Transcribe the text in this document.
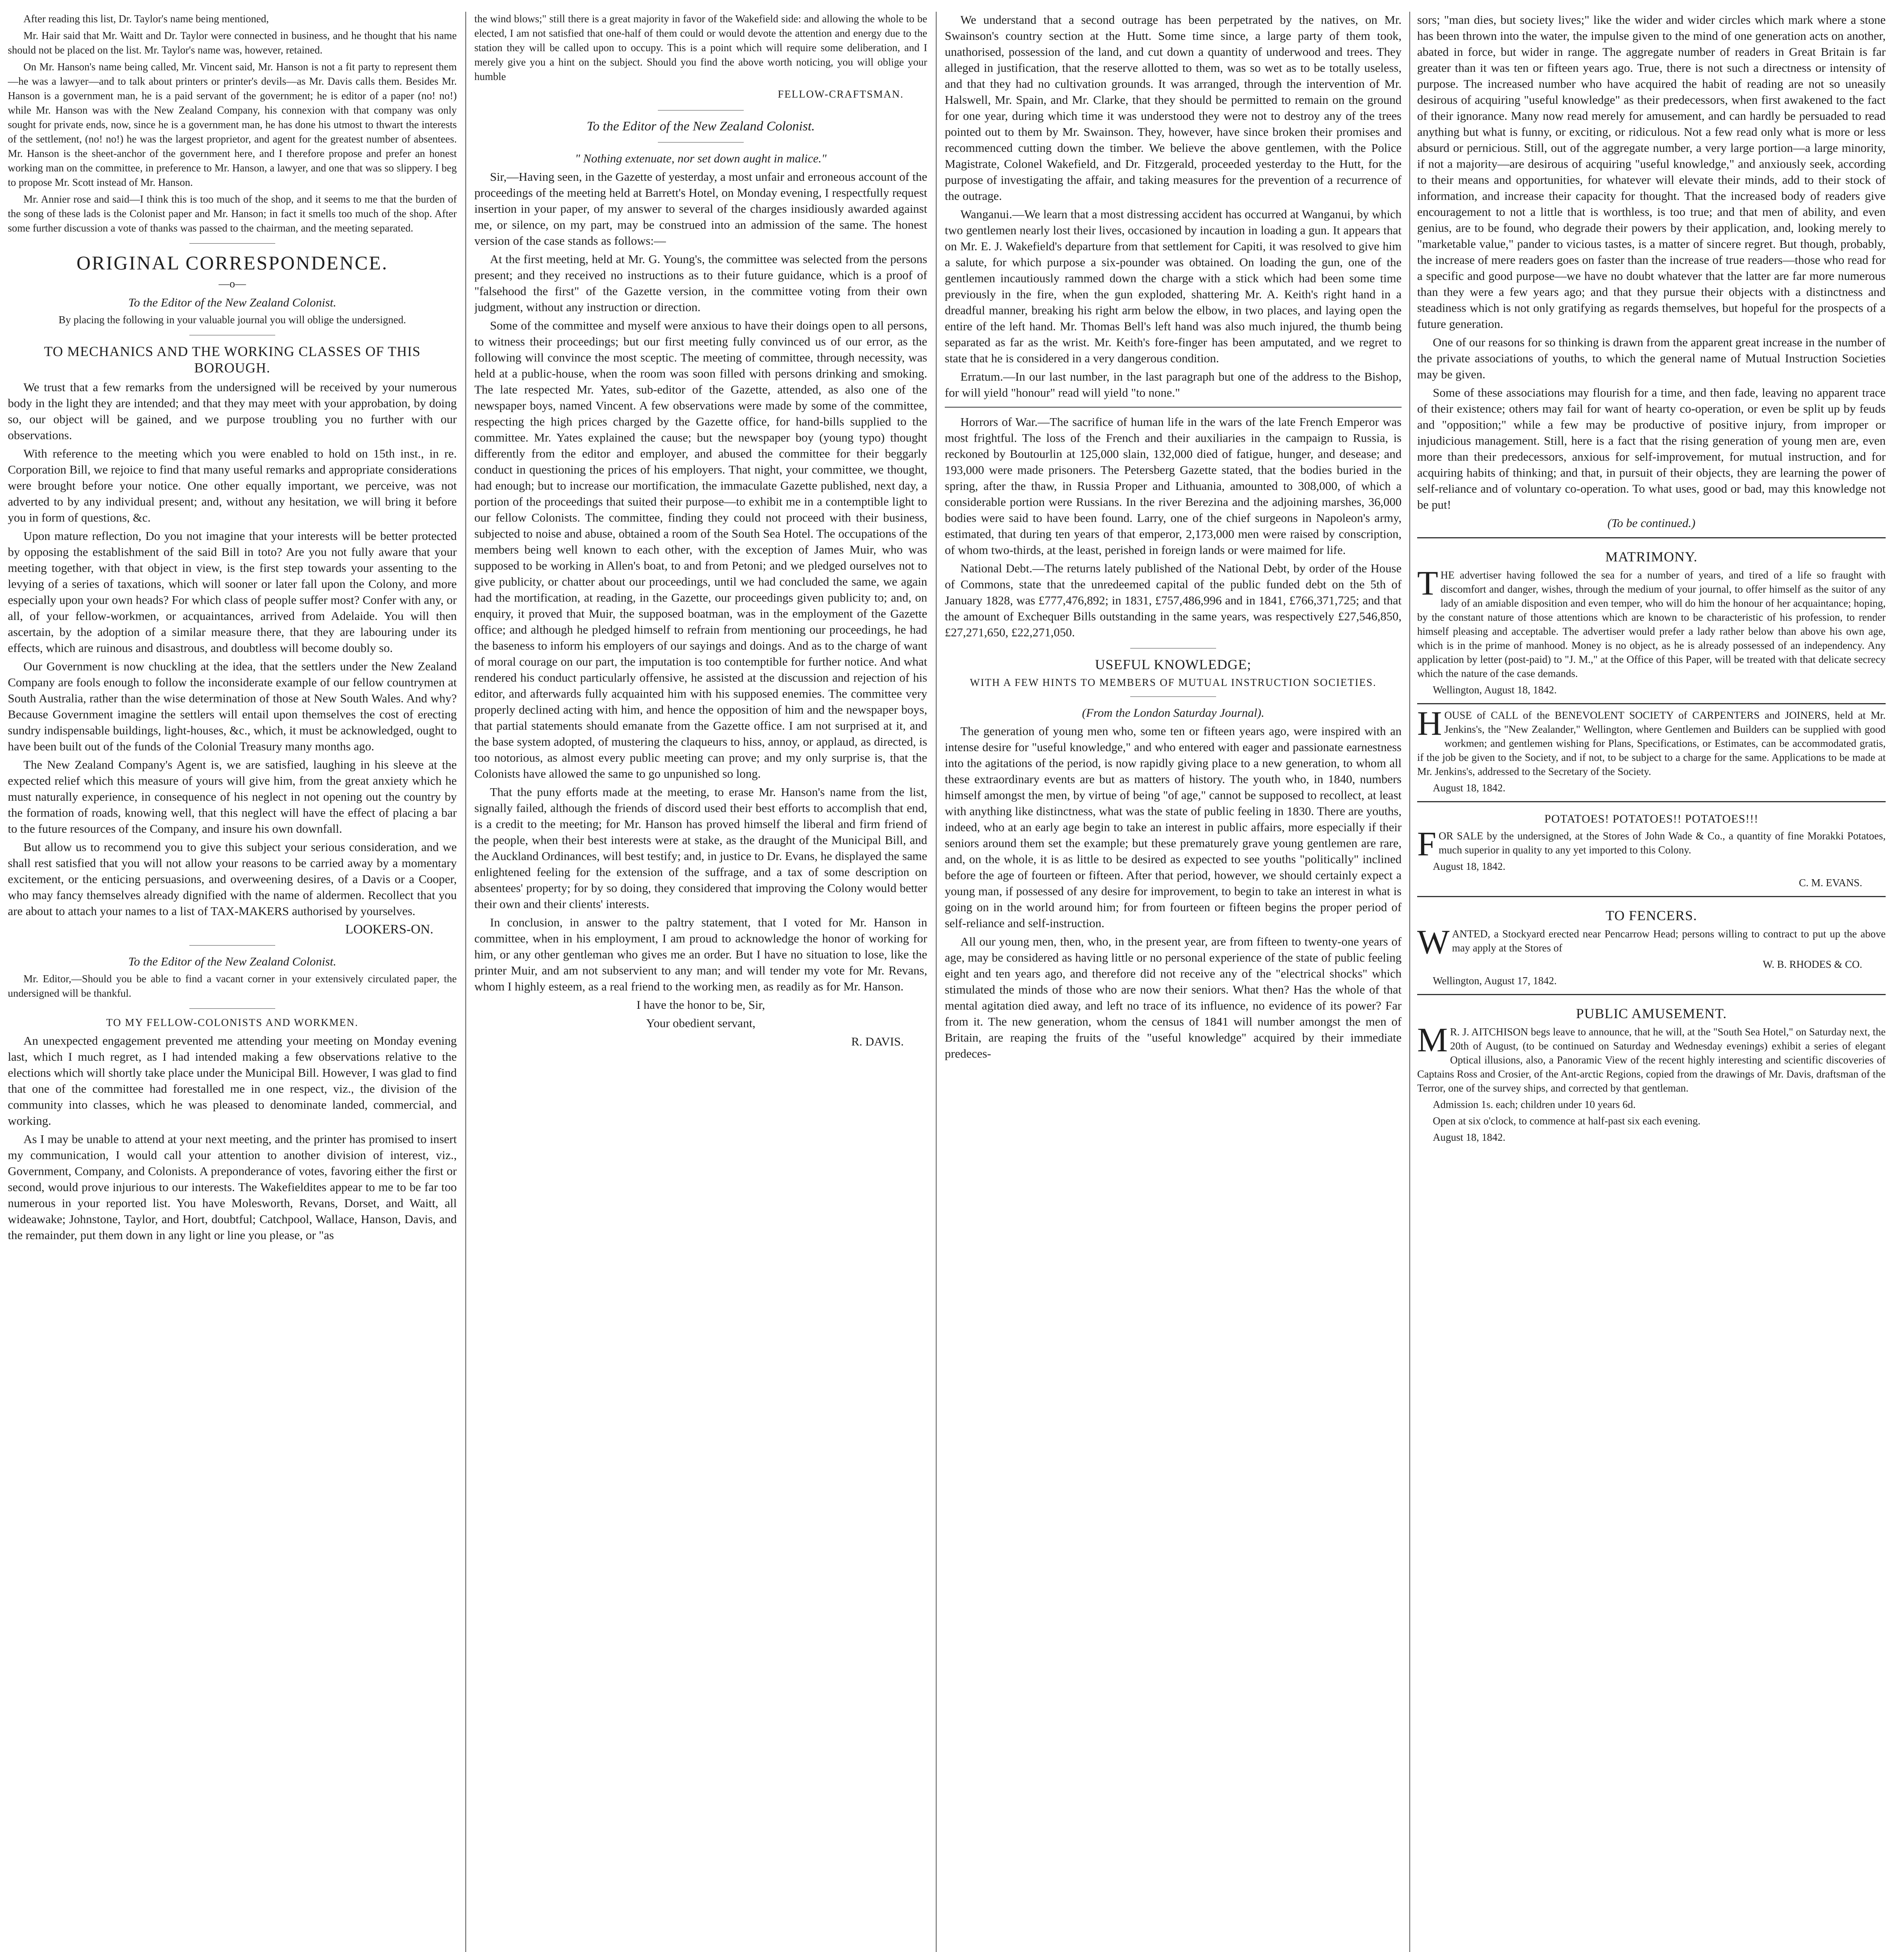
After reading this list, Dr. Taylor's name being mentioned,

Mr. Hair said that Mr. Waitt and Dr. Taylor were connected in business, and he thought that his name should not be placed on the list. Mr. Taylor's name was, however, retained.

On Mr. Hanson's name being called, Mr. Vincent said, Mr. Hanson is not a fit party to represent them—he was a lawyer—and to talk about printers or printer's devils—as Mr. Davis calls them. Besides Mr. Hanson is a government man, he is a paid servant of the government; he is editor of a paper (no! no!) while Mr. Hanson was with the New Zealand Company, his connexion with that company was only sought for private ends, now, since he is a government man, he has done his utmost to thwart the interests of the settlement, (no! no!) he was the largest proprietor, and agent for the greatest number of absentees. Mr. Hanson is the sheet-anchor of the government here, and I therefore propose and prefer an honest working man on the committee, in preference to Mr. Hanson, a lawyer, and one that was so slippery. I beg to propose Mr. Scott instead of Mr. Hanson.

Mr. Annier rose and said—I think this is too much of the shop, and it seems to me that the burden of the song of these lads is the Colonist paper and Mr. Hanson; in fact it smells too much of the shop. After some further discussion a vote of thanks was passed to the chairman, and the meeting separated.

ORIGINAL CORRESPONDENCE.
—o—

To the Editor of the New Zealand Colonist.

By placing the following in your valuable journal you will oblige the undersigned.

TO MECHANICS AND THE WORKING CLASSES OF THIS BOROUGH.

We trust that a few remarks from the undersigned will be received by your numerous body in the light they are intended; and that they may meet with your approbation, by doing so, our object will be gained, and we purpose troubling you no further with our observations.

With reference to the meeting which you were enabled to hold on 15th inst., in re. Corporation Bill, we rejoice to find that many useful remarks and appropriate considerations were brought before your notice. One other equally important, we perceive, was not adverted to by any individual present; and, without any hesitation, we will bring it before you in form of questions, &c.

Upon mature reflection, Do you not imagine that your interests will be better protected by opposing the establishment of the said Bill in toto? Are you not fully aware that your meeting together, with that object in view, is the first step towards your assenting to the levying of a series of taxations, which will sooner or later fall upon the Colony, and more especially upon your own heads? For which class of people suffer most? Confer with any, or all, of your fellow-workmen, or acquaintances, arrived from Adelaide. You will then ascertain, by the adoption of a similar measure there, that they are labouring under its effects, which are ruinous and disastrous, and doubtless will become doubly so.

Our Government is now chuckling at the idea, that the settlers under the New Zealand Company are fools enough to follow the inconsiderate example of our fellow countrymen at South Australia, rather than the wise determination of those at New South Wales. And why? Because Government imagine the settlers will entail upon themselves the cost of erecting sundry indispensable buildings, light-houses, &c., which, it must be acknowledged, ought to have been built out of the funds of the Colonial Treasury many months ago.

The New Zealand Company's Agent is, we are satisfied, laughing in his sleeve at the expected relief which this measure of yours will give him, from the great anxiety which he must naturally experience, in consequence of his neglect in not opening out the country by the formation of roads, knowing well, that this neglect will have the effect of placing a bar to the future resources of the Company, and insure his own downfall.

But allow us to recommend you to give this subject your serious consideration, and we shall rest satisfied that you will not allow your reasons to be carried away by a momentary excitement, or the enticing persuasions, and overweening desires, of a Davis or a Cooper, who may fancy themselves already dignified with the name of aldermen. Recollect that you are about to attach your names to a list of TAX-MAKERS authorised by yourselves.

LOOKERS-ON.

To the Editor of the New Zealand Colonist.

Mr. Editor,—Should you be able to find a vacant corner in your extensively circulated paper, the undersigned will be thankful.

TO MY FELLOW-COLONISTS AND WORKMEN.

An unexpected engagement prevented me attending your meeting on Monday evening last, which I much regret, as I had intended making a few observations relative to the elections which will shortly take place under the Municipal Bill. However, I was glad to find that one of the committee had forestalled me in one respect, viz., the division of the community into classes, which he was pleased to denominate landed, commercial, and working.

As I may be unable to attend at your next meeting, and the printer has promised to insert my communication, I would call your attention to another division of interest, viz., Government, Company, and Colonists. A preponderance of votes, favoring either the first or second, would prove injurious to our interests. The Wakefieldites appear to me to be far too numerous in your reported list. You have Molesworth, Revans, Dorset, and Waitt, all wideawake; Johnstone, Taylor, and Hort, doubtful; Catchpool, Wallace, Hanson, Davis, and the remainder, put them down in any light or line you please, or "as

the wind blows;" still there is a great majority in favor of the Wakefield side: and allowing the whole to be elected, I am not satisfied that one-half of them could or would devote the attention and energy due to the station they will be called upon to occupy. This is a point which will require some deliberation, and I merely give you a hint on the subject. Should you find the above worth noticing, you will oblige your humble

FELLOW-CRAFTSMAN.

To the Editor of the New Zealand Colonist.

" Nothing extenuate, nor set down aught in malice."

Sir,—Having seen, in the Gazette of yesterday, a most unfair and erroneous account of the proceedings of the meeting held at Barrett's Hotel, on Monday evening, I respectfully request insertion in your paper, of my answer to several of the charges insidiously awarded against me, or silence, on my part, may be construed into an admission of the same. The honest version of the case stands as follows:—

At the first meeting, held at Mr. G. Young's, the committee was selected from the persons present; and they received no instructions as to their future guidance, which is a proof of "falsehood the first" of the Gazette version, in the committee voting from their own judgment, without any instruction or direction.

Some of the committee and myself were anxious to have their doings open to all persons, to witness their proceedings; but our first meeting fully convinced us of our error, as the following will convince the most sceptic. The meeting of committee, through necessity, was held at a public-house, when the room was soon filled with persons drinking and smoking. The late respected Mr. Yates, sub-editor of the Gazette, attended, as also one of the newspaper boys, named Vincent. A few observations were made by some of the committee, respecting the high prices charged by the Gazette office, for hand-bills supplied to the committee. Mr. Yates explained the cause; but the newspaper boy (young typo) thought differently from the editor and employer, and abused the committee for their beggarly conduct in questioning the prices of his employers. That night, your committee, we thought, had enough; but to increase our mortification, the immaculate Gazette published, next day, a portion of the proceedings that suited their purpose—to exhibit me in a contemptible light to our fellow Colonists. The committee, finding they could not proceed with their business, subjected to noise and abuse, obtained a room of the South Sea Hotel. The occupations of the members being well known to each other, with the exception of James Muir, who was supposed to be working in Allen's boat, to and from Petoni; and we pledged ourselves not to give publicity, or chatter about our proceedings, until we had concluded the same, we again had the mortification, at reading, in the Gazette, our proceedings given publicity to; and, on enquiry, it proved that Muir, the supposed boatman, was in the employment of the Gazette office; and although he pledged himself to refrain from mentioning our proceedings, he had the baseness to inform his employers of our sayings and doings. And as to the charge of want of moral courage on our part, the imputation is too contemptible for further notice. And what rendered his conduct particularly offensive, he assisted at the discussion and rejection of his editor, and afterwards fully acquainted him with his supposed enemies. The committee very properly declined acting with him, and hence the opposition of him and the newspaper boys, that partial statements should emanate from the Gazette office. I am not surprised at it, and the base system adopted, of mustering the claqueurs to hiss, annoy, or applaud, as directed, is too notorious, as almost every public meeting can prove; and my only surprise is, that the Colonists have allowed the same to go unpunished so long.

That the puny efforts made at the meeting, to erase Mr. Hanson's name from the list, signally failed, although the friends of discord used their best efforts to accomplish that end, is a credit to the meeting; for Mr. Hanson has proved himself the liberal and firm friend of the people, when their best interests were at stake, as the draught of the Municipal Bill, and the Auckland Ordinances, will best testify; and, in justice to Dr. Evans, he displayed the same enlightened feeling for the extension of the suffrage, and a tax of some description on absentees' property; for by so doing, they considered that improving the Colony would better their own and their clients' interests.

In conclusion, in answer to the paltry statement, that I voted for Mr. Hanson in committee, when in his employment, I am proud to acknowledge the honor of working for him, or any other gentleman who gives me an order. But I have no situation to lose, like the printer Muir, and am not subservient to any man; and will tender my vote for Mr. Revans, whom I highly esteem, as a real friend to the working men, as readily as for Mr. Hanson.

I have the honor to be, Sir,

Your obedient servant,

R. DAVIS.

We understand that a second outrage has been perpetrated by the natives, on Mr. Swainson's country section at the Hutt. Some time since, a large party of them took, unathorised, possession of the land, and cut down a quantity of underwood and trees. They alleged in justification, that the reserve allotted to them, was so wet as to be totally useless, and that they had no cultivation grounds. It was arranged, through the intervention of Mr. Halswell, Mr. Spain, and Mr. Clarke, that they should be permitted to remain on the ground for one year, during which time it was understood they were not to destroy any of the trees pointed out to them by Mr. Swainson. They, however, have since broken their promises and recommenced cutting down the timber. We believe the above gentlemen, with the Police Magistrate, Colonel Wakefield, and Dr. Fitzgerald, proceeded yesterday to the Hutt, for the purpose of investigating the affair, and taking measures for the prevention of a recurrence of the outrage.

Wanganui.—We learn that a most distressing accident has occurred at Wanganui, by which two gentlemen nearly lost their lives, occasioned by incaution in loading a gun. It appears that on Mr. E. J. Wakefield's departure from that settlement for Capiti, it was resolved to give him a salute, for which purpose a six-pounder was obtained. On loading the gun, one of the gentlemen incautiously rammed down the charge with a stick which had been some time previously in the fire, when the gun exploded, shattering Mr. A. Keith's right hand in a dreadful manner, breaking his right arm below the elbow, in two places, and laying open the entire of the left hand. Mr. Thomas Bell's left hand was also much injured, the thumb being separated as far as the wrist. Mr. Keith's fore-finger has been amputated, and we regret to state that he is considered in a very dangerous condition.

Erratum.—In our last number, in the last paragraph but one of the address to the Bishop, for will yield "honour" read will yield "to none."

Horrors of War.—The sacrifice of human life in the wars of the late French Emperor was most frightful. The loss of the French and their auxiliaries in the campaign to Russia, is reckoned by Boutourlin at 125,000 slain, 132,000 died of fatigue, hunger, and desease; and 193,000 were made prisoners. The Petersberg Gazette stated, that the bodies buried in the spring, after the thaw, in Russia Proper and Lithuania, amounted to 308,000, of which a considerable portion were Russians. In the river Berezina and the adjoining marshes, 36,000 bodies were said to have been found. Larry, one of the chief surgeons in Napoleon's army, estimated, that during ten years of that emperor, 2,173,000 men were raised by conscription, of whom two-thirds, at the least, perished in foreign lands or were maimed for life.

National Debt.—The returns lately published of the National Debt, by order of the House of Commons, state that the unredeemed capital of the public funded debt on the 5th of January 1828, was £777,476,892; in 1831, £757,486,996 and in 1841, £766,371,725; and that the amount of Exchequer Bills outstanding in the same years, was respectively £27,546,850, £27,271,650, £22,271,050.

USEFUL KNOWLEDGE;
WITH A FEW HINTS TO MEMBERS OF MUTUAL INSTRUCTION SOCIETIES.

(From the London Saturday Journal).

The generation of young men who, some ten or fifteen years ago, were inspired with an intense desire for "useful knowledge," and who entered with eager and passionate earnestness into the agitations of the period, is now rapidly giving place to a new generation, to whom all these extraordinary events are but as matters of history. The youth who, in 1840, numbers himself amongst the men, by virtue of being "of age," cannot be supposed to recollect, at least with anything like distinctness, what was the state of public feeling in 1830. There are youths, indeed, who at an early age begin to take an interest in public affairs, more especially if their seniors around them set the example; but these prematurely grave young gentlemen are rare, and, on the whole, it is as little to be desired as expected to see youths "politically" inclined before the age of fourteen or fifteen. After that period, however, we should certainly expect a young man, if possessed of any desire for improvement, to begin to take an interest in what is going on in the world around him; for from fourteen or fifteen begins the proper period of self-reliance and self-instruction.

All our young men, then, who, in the present year, are from fifteen to twenty-one years of age, may be considered as having little or no personal experience of the state of public feeling eight and ten years ago, and therefore did not receive any of the "electrical shocks" which stimulated the minds of those who are now their seniors. What then? Has the whole of that mental agitation died away, and left no trace of its influence, no evidence of its power? Far from it. The new generation, whom the census of 1841 will number amongst the men of Britain, are reaping the fruits of the "useful knowledge" acquired by their immediate predeces-

sors; "man dies, but society lives;" like the wider and wider circles which mark where a stone has been thrown into the water, the impulse given to the mind of one generation acts on another, abated in force, but wider in range. The aggregate number of readers in Great Britain is far greater than it was ten or fifteen years ago. True, there is not such a directness or intensity of purpose. The increased number who have acquired the habit of reading are not so uneasily desirous of acquiring "useful knowledge" as their predecessors, when first awakened to the fact of their ignorance. Many now read merely for amusement, and can hardly be persuaded to read anything but what is funny, or exciting, or ridiculous. Not a few read only what is more or less absurd or pernicious. Still, out of the aggregate number, a very large portion—a large minority, if not a majority—are desirous of acquiring "useful knowledge," and anxiously seek, according to their means and opportunities, for whatever will elevate their minds, add to their stock of information, and increase their capacity for thought. That the increased body of readers give encouragement to not a little that is worthless, is too true; and that men of ability, and even genius, are to be found, who degrade their powers by their application, and, looking merely to "marketable value," pander to vicious tastes, is a matter of sincere regret. But though, probably, the increase of mere readers goes on faster than the increase of true readers—those who read for a specific and good purpose—we have no doubt whatever that the latter are far more numerous than they were a few years ago; and that they pursue their objects with a distinctness and steadiness which is not only gratifying as regards themselves, but hopeful for the prospects of a future generation.

One of our reasons for so thinking is drawn from the apparent great increase in the number of the private associations of youths, to which the general name of Mutual Instruction Societies may be given.

Some of these associations may flourish for a time, and then fade, leaving no apparent trace of their existence; others may fail for want of hearty co-operation, or even be split up by feuds and "opposition;" while a few may be productive of positive injury, from improper or injudicious management. Still, here is a fact that the rising generation of young men are, even more than their predecessors, anxious for self-improvement, for mutual instruction, and for acquiring habits of thinking; and that, in pursuit of their objects, they are learning the power of self-reliance and of voluntary co-operation. To what uses, good or bad, may this knowledge not be put!

(To be continued.)

MATRIMONY.

THE advertiser having followed the sea for a number of years, and tired of a life so fraught with discomfort and danger, wishes, through the medium of your journal, to offer himself as the suitor of any lady of an amiable disposition and even temper, who will do him the honour of her acquaintance; hoping, by the constant nature of those attentions which are known to be characteristic of his profession, to render himself pleasing and acceptable. The advertiser would prefer a lady rather below than above his own age, which is in the prime of manhood. Money is no object, as he is already possessed of an independency. Any application by letter (post-paid) to "J. M.," at the Office of this Paper, will be treated with that delicate secrecy which the nature of the case demands.

Wellington, August 18, 1842.

HOUSE of CALL of the BENEVOLENT SOCIETY of CARPENTERS and JOINERS, held at Mr. Jenkins's, the "New Zealander," Wellington, where Gentlemen and Builders can be supplied with good workmen; and gentlemen wishing for Plans, Specifications, or Estimates, can be accommodated gratis, if the job be given to the Society, and if not, to be subject to a charge for the same. Applications to be made at Mr. Jenkins's, addressed to the Secretary of the Society.

August 18, 1842.

POTATOES! POTATOES!! POTATOES!!!

FOR SALE by the undersigned, at the Stores of John Wade & Co., a quantity of fine Morakki Potatoes, much superior in quality to any yet imported to this Colony.

August 18, 1842.

C. M. EVANS.

TO FENCERS.

WANTED, a Stockyard erected near Pencarrow Head; persons willing to contract to put up the above may apply at the Stores of

W. B. RHODES & CO.

Wellington, August 17, 1842.

PUBLIC AMUSEMENT.

MR. J. AITCHISON begs leave to announce, that he will, at the "South Sea Hotel," on Saturday next, the 20th of August, (to be continued on Saturday and Wednesday evenings) exhibit a series of elegant Optical illusions, also, a Panoramic View of the recent highly interesting and scientific discoveries of Captains Ross and Crosier, of the Ant-arctic Regions, copied from the drawings of Mr. Davis, draftsman of the Terror, one of the survey ships, and corrected by that gentleman.

Admission 1s. each; children under 10 years 6d.

Open at six o'clock, to commence at half-past six each evening.

August 18, 1842.
